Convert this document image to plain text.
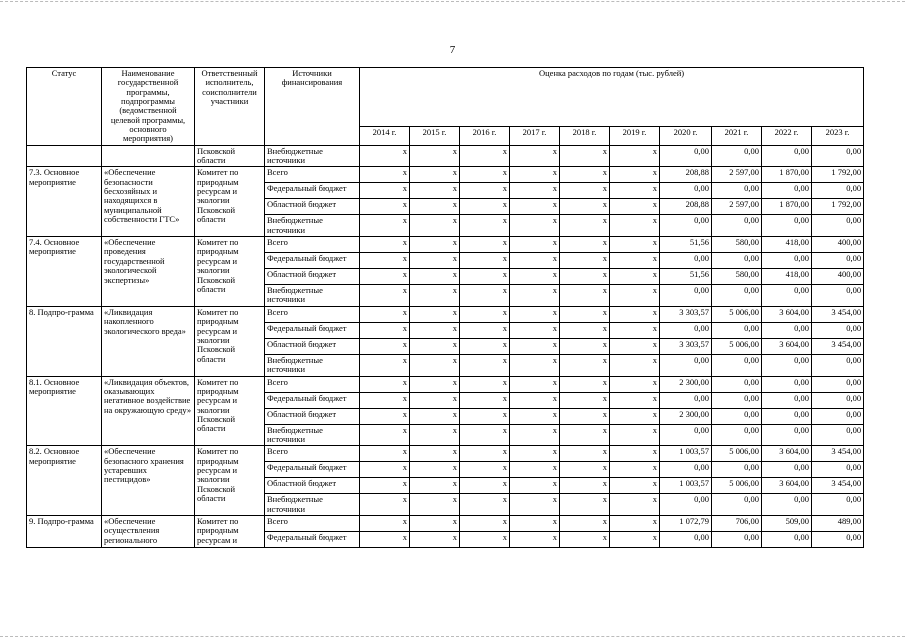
7
Статус	Наименование государственной программы, подпрограммы (ведомственной целевой программы, основного мероприятия)	Ответственный исполнитель, соисполнители участники	Источники финансирования	Оценка расходов по годам (тыс. рублей)									
				2014 г.	2015 г.	2016 г.	2017 г.	2018 г.	2019 г.	2020 г.	2021 г.	2022 г.	2023 г.
		Псковской области	Внебюджетные источники	x	x	x	x	x	x	0,00	0,00	0,00	0,00
7.3. Основное мероприятие	«Обеспечение безопасности бесхозяйных и находящихся в муниципальной собственности ГТС»	Комитет по природным ресурсам и экологии Псковской области	Всего	x	x	x	x	x	x	208,88	2 597,00	1 870,00	1 792,00
			Федеральный бюджет	x	x	x	x	x	x	0,00	0,00	0,00	0,00
			Областной бюджет	x	x	x	x	x	x	208,88	2 597,00	1 870,00	1 792,00
			Внебюджетные источники	x	x	x	x	x	x	0,00	0,00	0,00	0,00
7.4. Основное мероприятие	«Обеспечение проведения государственной экологической экспертизы»	Комитет по природным ресурсам и экологии Псковской области	Всего	x	x	x	x	x	x	51,56	580,00	418,00	400,00
			Федеральный бюджет	x	x	x	x	x	x	0,00	0,00	0,00	0,00
			Областной бюджет	x	x	x	x	x	x	51,56	580,00	418,00	400,00
			Внебюджетные источники	x	x	x	x	x	x	0,00	0,00	0,00	0,00
8. Подпро-грамма	«Ликвидация накопленного экологического вреда»	Комитет по природным ресурсам и экологии Псковской области	Всего	x	x	x	x	x	x	3 303,57	5 006,00	3 604,00	3 454,00
			Федеральный бюджет	x	x	x	x	x	x	0,00	0,00	0,00	0,00
			Областной бюджет	x	x	x	x	x	x	3 303,57	5 006,00	3 604,00	3 454,00
			Внебюджетные источники	x	x	x	x	x	x	0,00	0,00	0,00	0,00
8.1. Основное мероприятие	«Ликвидация объектов, оказывающих негативное воздействие на окружающую среду»	Комитет по природным ресурсам и экологии Псковской области	Всего	x	x	x	x	x	x	2 300,00	0,00	0,00	0,00
			Федеральный бюджет	x	x	x	x	x	x	0,00	0,00	0,00	0,00
			Областной бюджет	x	x	x	x	x	x	2 300,00	0,00	0,00	0,00
			Внебюджетные источники	x	x	x	x	x	x	0,00	0,00	0,00	0,00
8.2. Основное мероприятие	«Обеспечение безопасного хранения устаревших пестицидов»	Комитет по природным ресурсам и экологии Псковской области	Всего	x	x	x	x	x	x	1 003,57	5 006,00	3 604,00	3 454,00
			Федеральный бюджет	x	x	x	x	x	x	0,00	0,00	0,00	0,00
			Областной бюджет	x	x	x	x	x	x	1 003,57	5 006,00	3 604,00	3 454,00
			Внебюджетные источники	x	x	x	x	x	x	0,00	0,00	0,00	0,00
9. Подпро-грамма	«Обеспечение осуществления регионального	Комитет по природным ресурсам и	Всего	x	x	x	x	x	x	1 072,79	706,00	509,00	489,00
			Федеральный бюджет	x	x	x	x	x	x	0,00	0,00	0,00	0,00
